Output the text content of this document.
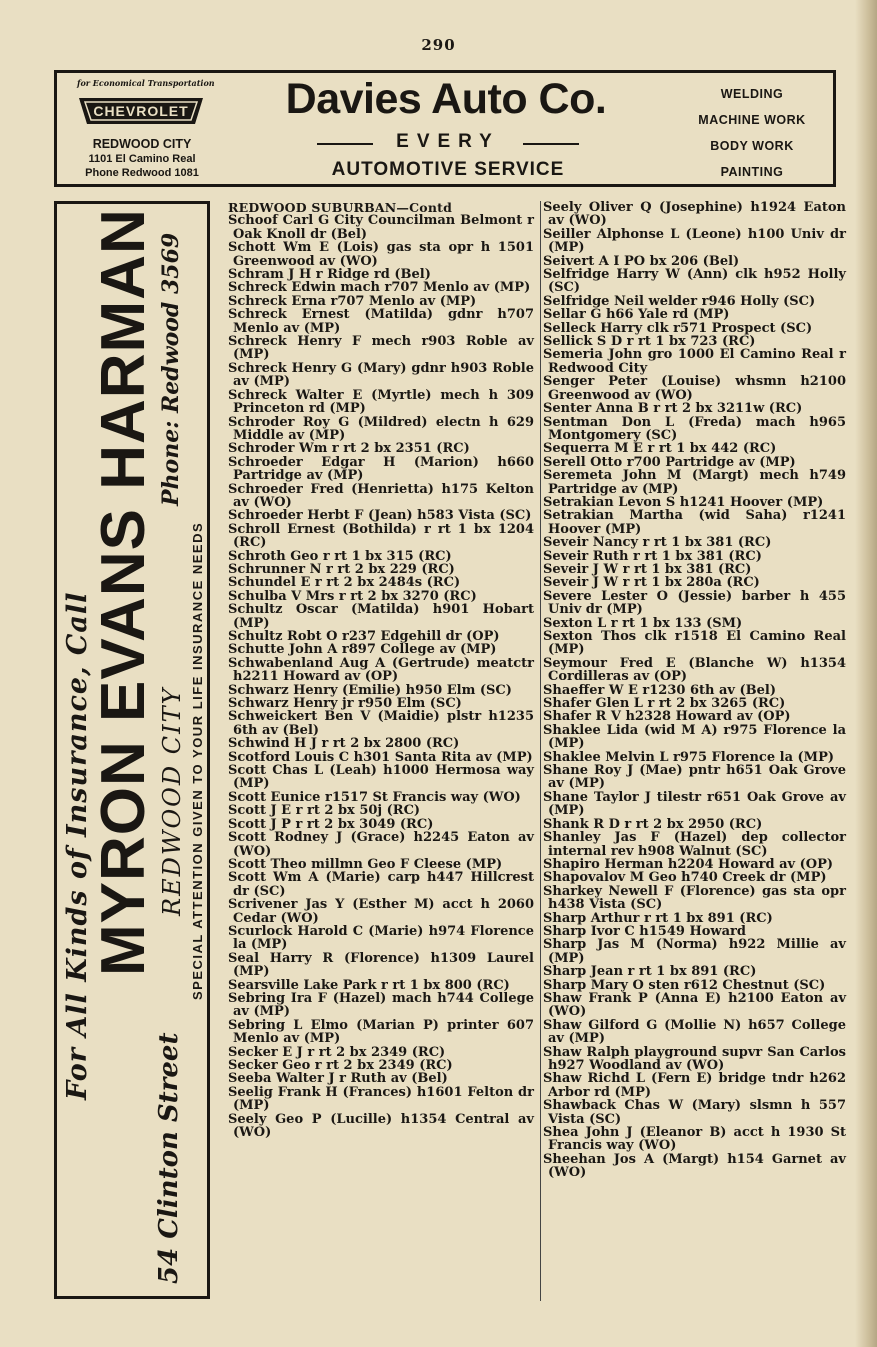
290
for Economical Transportation
CHEVROLET
REDWOOD CITY
1101 El Camino Real
Phone Redwood 1081
Davies Auto Co.
EVERY
AUTOMOTIVE SERVICE
WELDING
MACHINE WORK
BODY WORK
PAINTING
For All Kinds of Insurance, Call
MYRON EVANS HARMAN
54 Clinton Street
REDWOOD CITY
Phone: Redwood 3569
SPECIAL ATTENTION GIVEN TO YOUR LIFE INSURANCE NEEDS
REDWOOD SUBURBAN—Contd
Schoof Carl G City Councilman Belmont r Oak Knoll dr (Bel)
Schott Wm E (Lois) gas sta opr h 1501 Greenwood av (WO)
Schram J H r Ridge rd (Bel)
Schreck Edwin mach r707 Menlo av (MP)
Schreck Erna r707 Menlo av (MP)
Schreck Ernest (Matilda) gdnr h707 Menlo av (MP)
Schreck Henry F mech r903 Roble av (MP)
Schreck Henry G (Mary) gdnr h903 Roble av (MP)
Schreck Walter E (Myrtle) mech h 309 Princeton rd (MP)
Schroder Roy G (Mildred) electn h 629 Middle av (MP)
Schroder Wm r rt 2 bx 2351 (RC)
Schroeder Edgar H (Marion) h660 Partridge av (MP)
Schroeder Fred (Henrietta) h175 Kelton av (WO)
Schroeder Herbt F (Jean) h583 Vista (SC)
Schroll Ernest (Bothilda) r rt 1 bx 1204 (RC)
Schroth Geo r rt 1 bx 315 (RC)
Schrunner N r rt 2 bx 229 (RC)
Schundel E r rt 2 bx 2484s (RC)
Schulba V Mrs r rt 2 bx 3270 (RC)
Schultz Oscar (Matilda) h901 Hobart (MP)
Schultz Robt O r237 Edgehill dr (OP)
Schutte John A r897 College av (MP)
Schwabenland Aug A (Gertrude) meatctr h2211 Howard av (OP)
Schwarz Henry (Emilie) h950 Elm (SC)
Schwarz Henry jr r950 Elm (SC)
Schweickert Ben V (Maidie) plstr h1235 6th av (Bel)
Schwind H J r rt 2 bx 2800 (RC)
Scotford Louis C h301 Santa Rita av (MP)
Scott Chas L (Leah) h1000 Hermosa way (MP)
Scott Eunice r1517 St Francis way (WO)
Scott J E r rt 2 bx 50j (RC)
Scott J P r rt 2 bx 3049 (RC)
Scott Rodney J (Grace) h2245 Eaton av (WO)
Scott Theo millmn Geo F Cleese (MP)
Scott Wm A (Marie) carp h447 Hillcrest dr (SC)
Scrivener Jas Y (Esther M) acct h 2060 Cedar (WO)
Scurlock Harold C (Marie) h974 Florence la (MP)
Seal Harry R (Florence) h1309 Laurel (MP)
Searsville Lake Park r rt 1 bx 800 (RC)
Sebring Ira F (Hazel) mach h744 College av (MP)
Sebring L Elmo (Marian P) printer 607 Menlo av (MP)
Secker E J r rt 2 bx 2349 (RC)
Secker Geo r rt 2 bx 2349 (RC)
Seeba Walter J r Ruth av (Bel)
Seelig Frank H (Frances) h1601 Felton dr (MP)
Seely Geo P (Lucille) h1354 Central av (WO)
Seely Oliver Q (Josephine) h1924 Eaton av (WO)
Seiller Alphonse L (Leone) h100 Univ dr (MP)
Seivert A I PO bx 206 (Bel)
Selfridge Harry W (Ann) clk h952 Holly (SC)
Selfridge Neil welder r946 Holly (SC)
Sellar G h66 Yale rd (MP)
Selleck Harry clk r571 Prospect (SC)
Sellick S D r rt 1 bx 723 (RC)
Semeria John gro 1000 El Camino Real r Redwood City
Senger Peter (Louise) whsmn h2100 Greenwood av (WO)
Senter Anna B r rt 2 bx 3211w (RC)
Sentman Don L (Freda) mach h965 Montgomery (SC)
Sequerra M E r rt 1 bx 442 (RC)
Serell Otto r700 Partridge av (MP)
Seremeta John M (Margt) mech h749 Partridge av (MP)
Setrakian Levon S h1241 Hoover (MP)
Setrakian Martha (wid Saha) r1241 Hoover (MP)
Seveir Nancy r rt 1 bx 381 (RC)
Seveir Ruth r rt 1 bx 381 (RC)
Seveir J W r rt 1 bx 381 (RC)
Seveir J W r rt 1 bx 280a (RC)
Severe Lester O (Jessie) barber h 455 Univ dr (MP)
Sexton L r rt 1 bx 133 (SM)
Sexton Thos clk r1518 El Camino Real (MP)
Seymour Fred E (Blanche W) h1354 Cordilleras av (OP)
Shaeffer W E r1230 6th av (Bel)
Shafer Glen L r rt 2 bx 3265 (RC)
Shafer R V h2328 Howard av (OP)
Shaklee Lida (wid M A) r975 Florence la (MP)
Shaklee Melvin L r975 Florence la (MP)
Shane Roy J (Mae) pntr h651 Oak Grove av (MP)
Shane Taylor J tilestr r651 Oak Grove av (MP)
Shank R D r rt 2 bx 2950 (RC)
Shanley Jas F (Hazel) dep collector internal rev h908 Walnut (SC)
Shapiro Herman h2204 Howard av (OP)
Shapovalov M Geo h740 Creek dr (MP)
Sharkey Newell F (Florence) gas sta opr h438 Vista (SC)
Sharp Arthur r rt 1 bx 891 (RC)
Sharp Ivor C h1549 Howard
Sharp Jas M (Norma) h922 Millie av (MP)
Sharp Jean r rt 1 bx 891 (RC)
Sharp Mary O sten r612 Chestnut (SC)
Shaw Frank P (Anna E) h2100 Eaton av (WO)
Shaw Gilford G (Mollie N) h657 College av (MP)
Shaw Ralph playground supvr San Carlos h927 Woodland av (WO)
Shaw Richd L (Fern E) bridge tndr h262 Arbor rd (MP)
Shawback Chas W (Mary) slsmn h 557 Vista (SC)
Shea John J (Eleanor B) acct h 1930 St Francis way (WO)
Sheehan Jos A (Margt) h154 Garnet av (WO)
